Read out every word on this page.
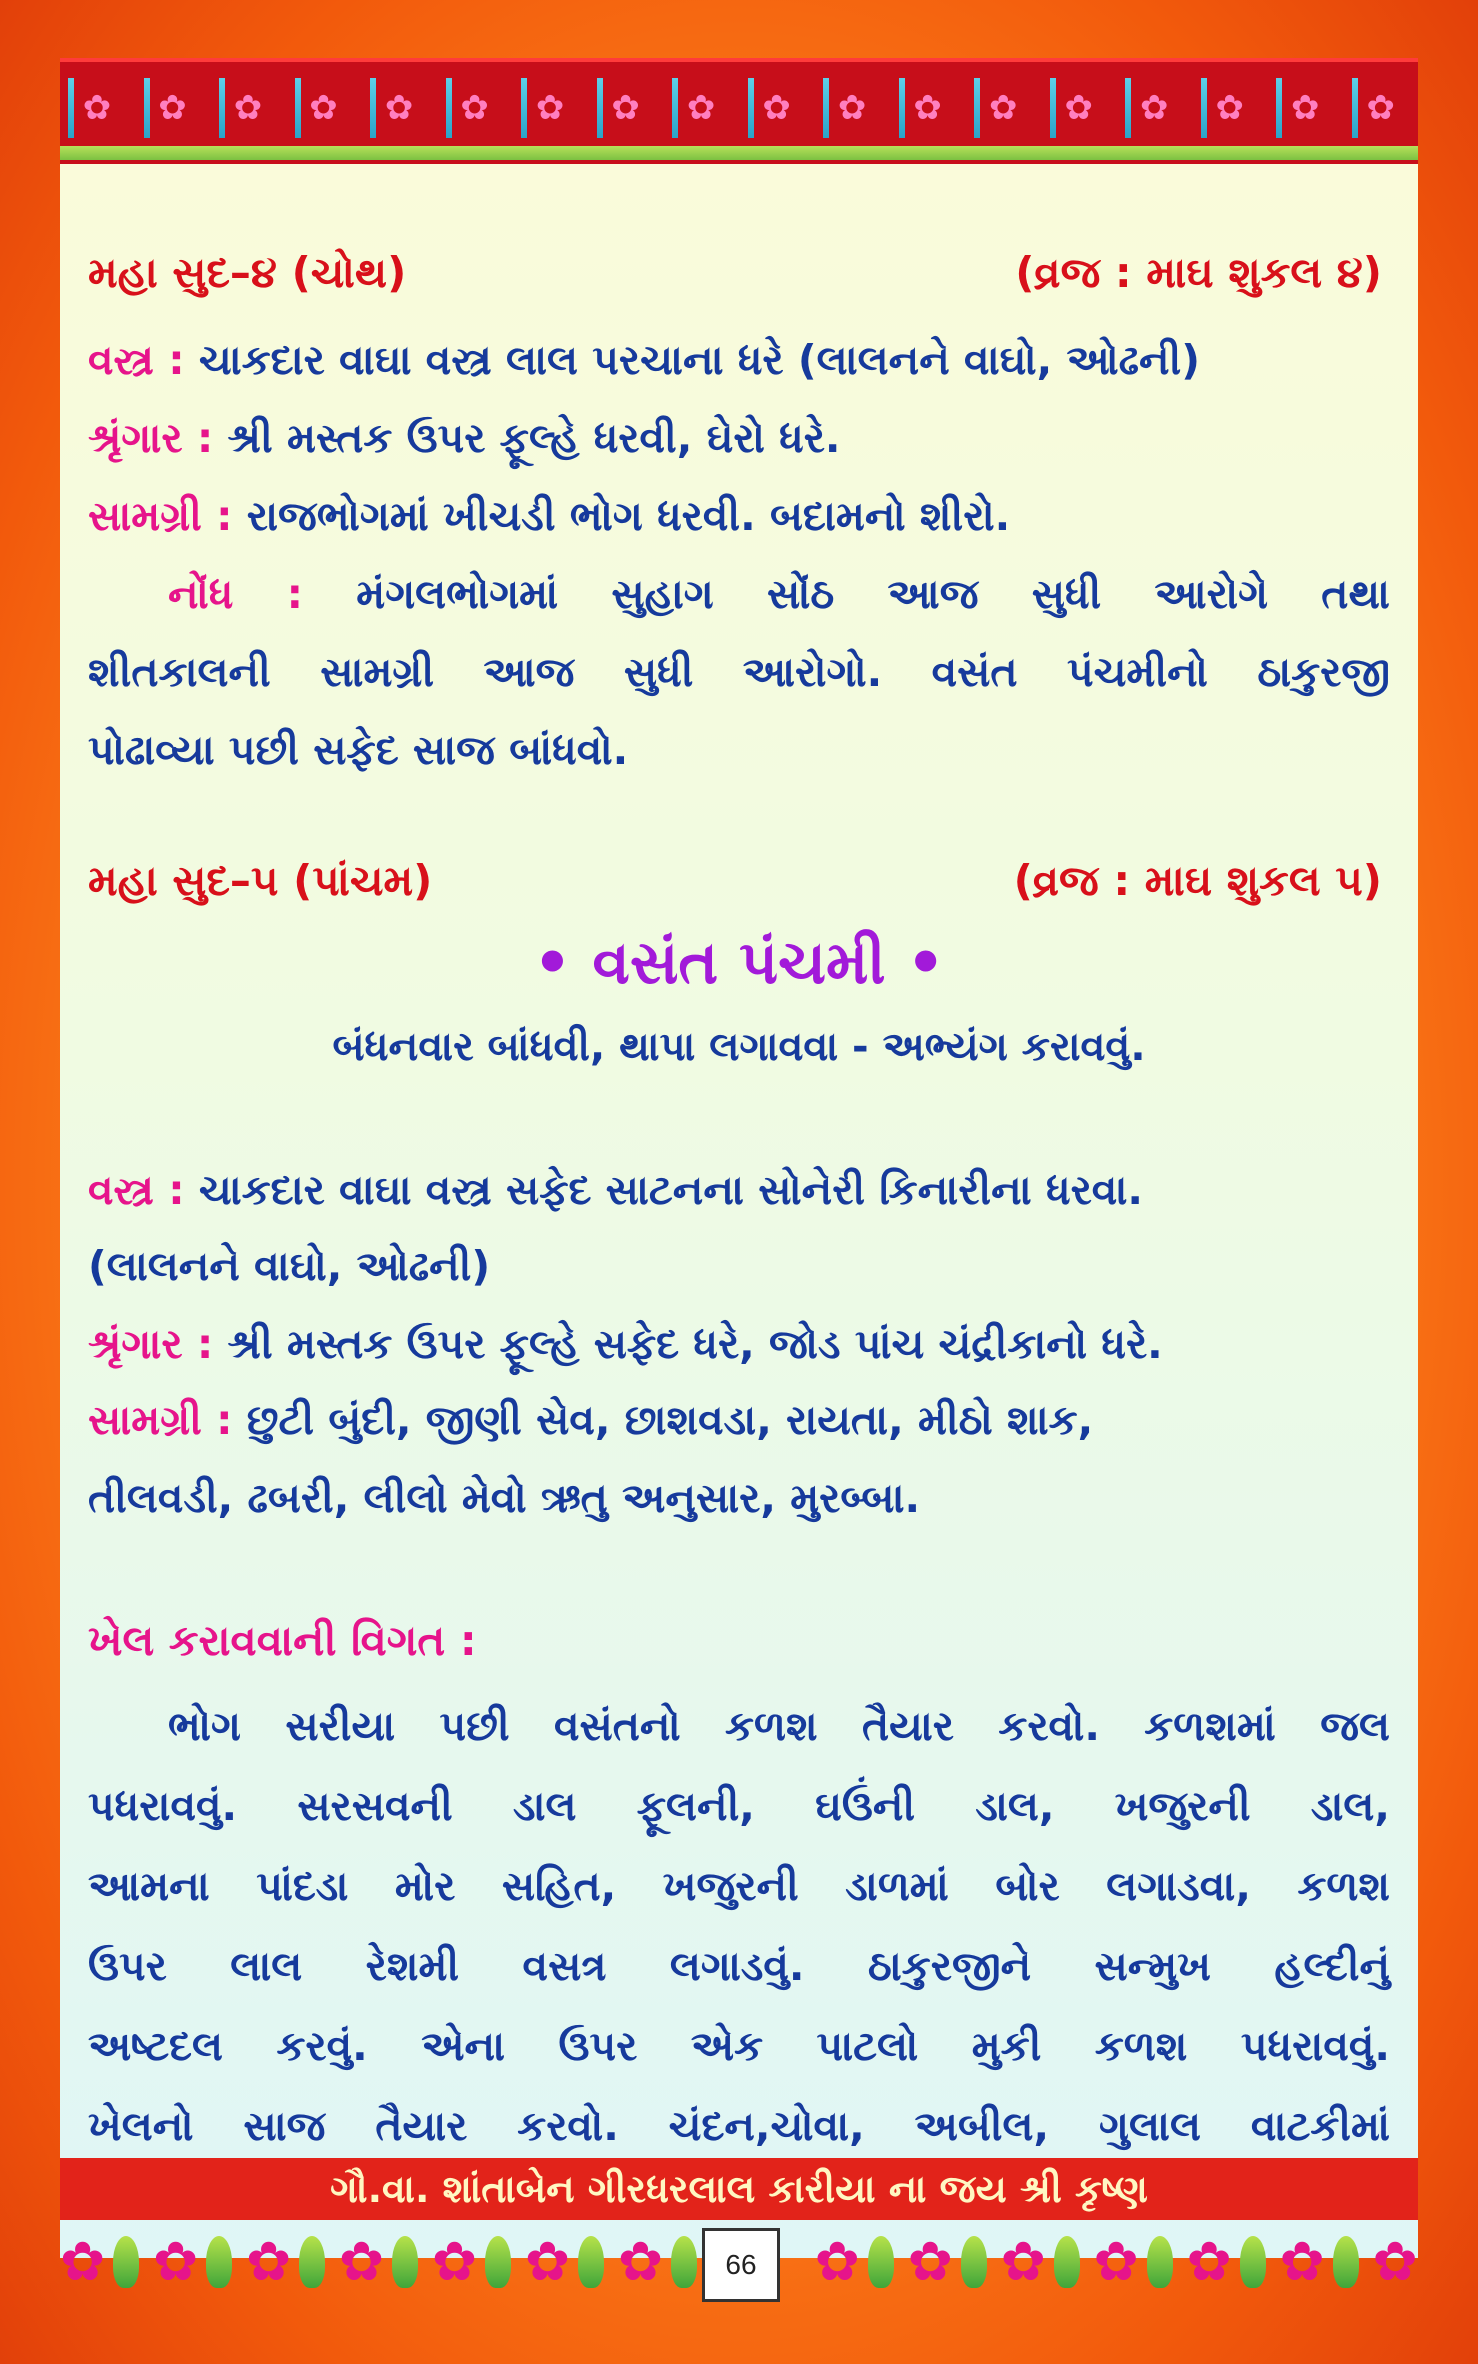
✿ ✿ ✿ ✿ ✿ ✿ ✿ ✿ ✿ ✿ ✿ ✿ ✿ ✿ ✿ ✿ ✿ ✿
મહા સુદ–૪ (ચોથ)	(વ્રજ : માઘ શુકલ ૪)
વસ્ત્ર : ચાકદાર વાઘા વસ્ત્ર લાલ પરચાના ધરે (લાલનને વાઘો, ઓઢની)
શ્રૃંગાર : શ્રી મસ્તક ઉપર ફૂલ્હે ધરવી, ઘેરો ધરે.
સામગ્રી : રાજભોગમાં ખીચડી ભોગ ધરવી. બદામનો શીરો.
નોંધ : મંગલભોગમાં સુહાગ સોંઠ આજ સુધી આરોગે તથા
શીતકાલની સામગ્રી આજ સુધી આરોગો. વસંત પંચમીનો ઠાકુરજી
પોઢાવ્યા પછી સફેદ સાજ બાંધવો.
મહા સુદ–૫ (પાંચમ)	(વ્રજ : માઘ શુકલ ૫)
• વસંત પંચમી •
બંધનવાર બાંધવી, થાપા લગાવવા - અભ્યંગ કરાવવું.
વસ્ત્ર : ચાકદાર વાઘા વસ્ત્ર સફેદ સાટનના સોનેરી કિનારીના ધરવા.
(લાલનને વાઘો, ઓઢની)
શ્રૃંગાર : શ્રી મસ્તક ઉપર ફૂલ્હે સફેદ ધરે, જોડ પાંચ ચંદ્રીકાનો ધરે.
સામગ્રી : છુટી બુંદી, જીણી સેવ, છાશવડા, રાયતા, મીઠો શાક,
તીલવડી, ઢબરી, લીલો મેવો ઋતુ અનુસાર, મુરબ્બા.
ખેલ કરાવવાની વિગત :
ભોગ સરીયા પછી વસંતનો કળશ તૈયાર કરવો. કળશમાં જલ
પધરાવવું. સરસવની ડાલ ફૂલની, ઘઉંની ડાલ, ખજુરની ડાલ,
આમના પાંદડા મોર સહિત, ખજુરની ડાળમાં બોર લગાડવા, કળશ
ઉપર લાલ રેશમી વસત્ર લગાડવું. ઠાકુરજીને સન્મુખ હલ્દીનું
અષ્ટદલ કરવું. એના ઉપર એક પાટલો મુકી કળશ પધરાવવું.
ખેલનો સાજ તૈયાર કરવો. ચંદન,ચોવા, અબીલ, ગુલાલ વાટકીમાં
ગૌ.વા. શાંતાબેન ગીરધરલાલ કારીયા ના જય શ્રી કૃષ્ણ
✿ ✿ ✿ ✿ ✿ ✿ ✿	✿ ✿ ✿ ✿ ✿ ✿ ✿
66
